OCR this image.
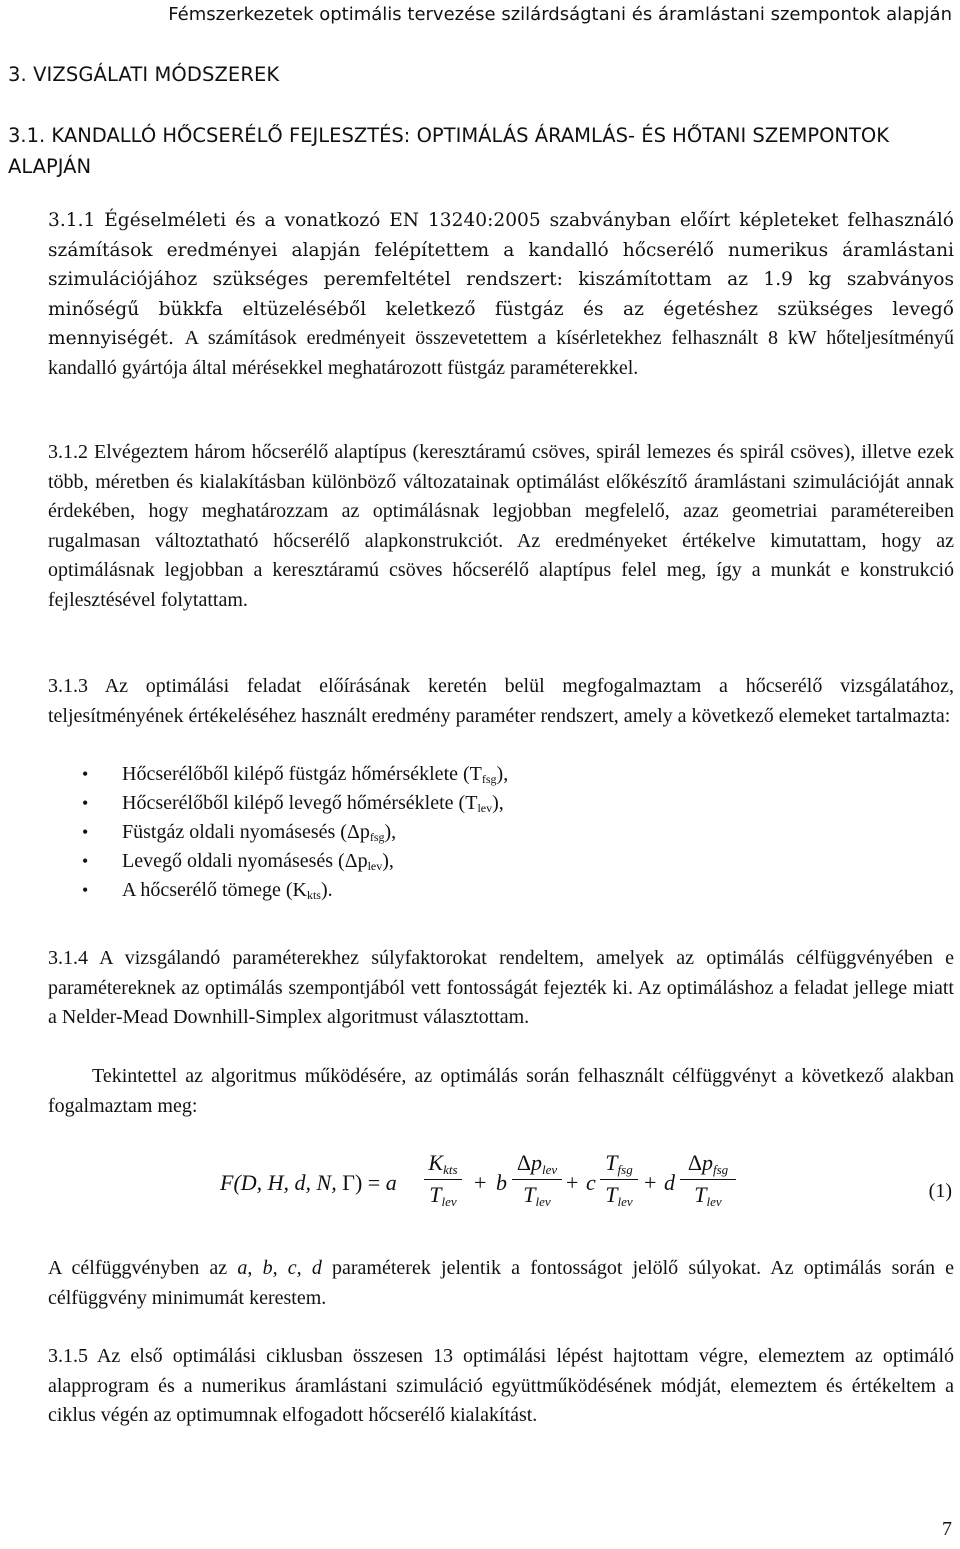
Fémszerkezetek optimális tervezése szilárdságtani és áramlástani szempontok alapján
3. VIZSGÁLATI MÓDSZEREK
3.1. KANDALLÓ HŐCSERÉLŐ FEJLESZTÉS: OPTIMÁLÁS ÁRAMLÁS- ÉS HŐTANI SZEMPONTOK ALAPJÁN
3.1.1 Égéselméleti és a vonatkozó EN 13240:2005 szabványban előírt képleteket felhasználó számítások eredményei alapján felépítettem a kandalló hőcserélő numerikus áramlástani szimulációjához szükséges peremfeltétel rendszert: kiszámítottam az 1.9 kg szabványos minőségű bükkfa eltüzeléséből keletkező füstgáz és az égetéshez szükséges levegő mennyiségét. A számítások eredményeit összevetettem a kísérletekhez felhasznált 8 kW hőteljesítményű kandalló gyártója által mérésekkel meghatározott füstgáz paraméterekkel.
3.1.2 Elvégeztem három hőcserélő alaptípus (keresztáramú csöves, spirál lemezes és spirál csöves), illetve ezek több, méretben és kialakításban különböző változatainak optimálást előkészítő áramlástani szimulációját annak érdekében, hogy meghatározzam az optimálásnak legjobban megfelelő, azaz geometriai paramétereiben rugalmasan változtatható hőcserélő alapkonstrukciót. Az eredményeket értékelve kimutattam, hogy az optimálásnak legjobban a keresztáramú csöves hőcserélő alaptípus felel meg, így a munkát e konstrukció fejlesztésével folytattam.
3.1.3 Az optimálási feladat előírásának keretén belül megfogalmaztam a hőcserélő vizsgálatához, teljesítményének értékeléséhez használt eredmény paraméter rendszert, amely a következő elemeket tartalmazta:
• Hőcserélőből kilépő füstgáz hőmérséklete $(T_{fsg})$,
• Hőcserélőből kilépő levegő hőmérséklete $(T_{lev})$,
• Füstgáz oldali nyomásesés $(\Delta p_{fsg})$,
• Levegő oldali nyomásesés $(\Delta p_{lev})$,
• A hőcserélő tömege $(K_{kts})$.
3.1.4 A vizsgálandó paraméterekhez súlyfaktorokat rendeltem, amelyek az optimálás célfüggvényében e paramétereknek az optimálás szempontjából vett fontosságát fejezték ki. Az optimáláshoz a feladat jellege miatt a Nelder-Mead Downhill-Simplex algoritmust választottam.
Tekintettel az algoritmus működésére, az optimálás során felhasznált célfüggvényt a következő alakban fogalmaztam meg:
F(D, H, d, N, Γ) = a
Kkts
Tlev
+ b
Δplev
Tlev
+ c
Tfsg
Tlev
+ d
Δpfsg
Tlev	(1)
A célfüggvényben az a, b, c, d paraméterek jelentik a fontosságot jelölő súlyokat. Az optimálás során e célfüggvény minimumát kerestem.
3.1.5 Az első optimálási ciklusban összesen 13 optimálási lépést hajtottam végre, elemeztem az optimáló alapprogram és a numerikus áramlástani szimuláció együttműködésének módját, elemeztem és értékeltem a ciklus végén az optimumnak elfogadott hőcserélő kialakítást.
7
